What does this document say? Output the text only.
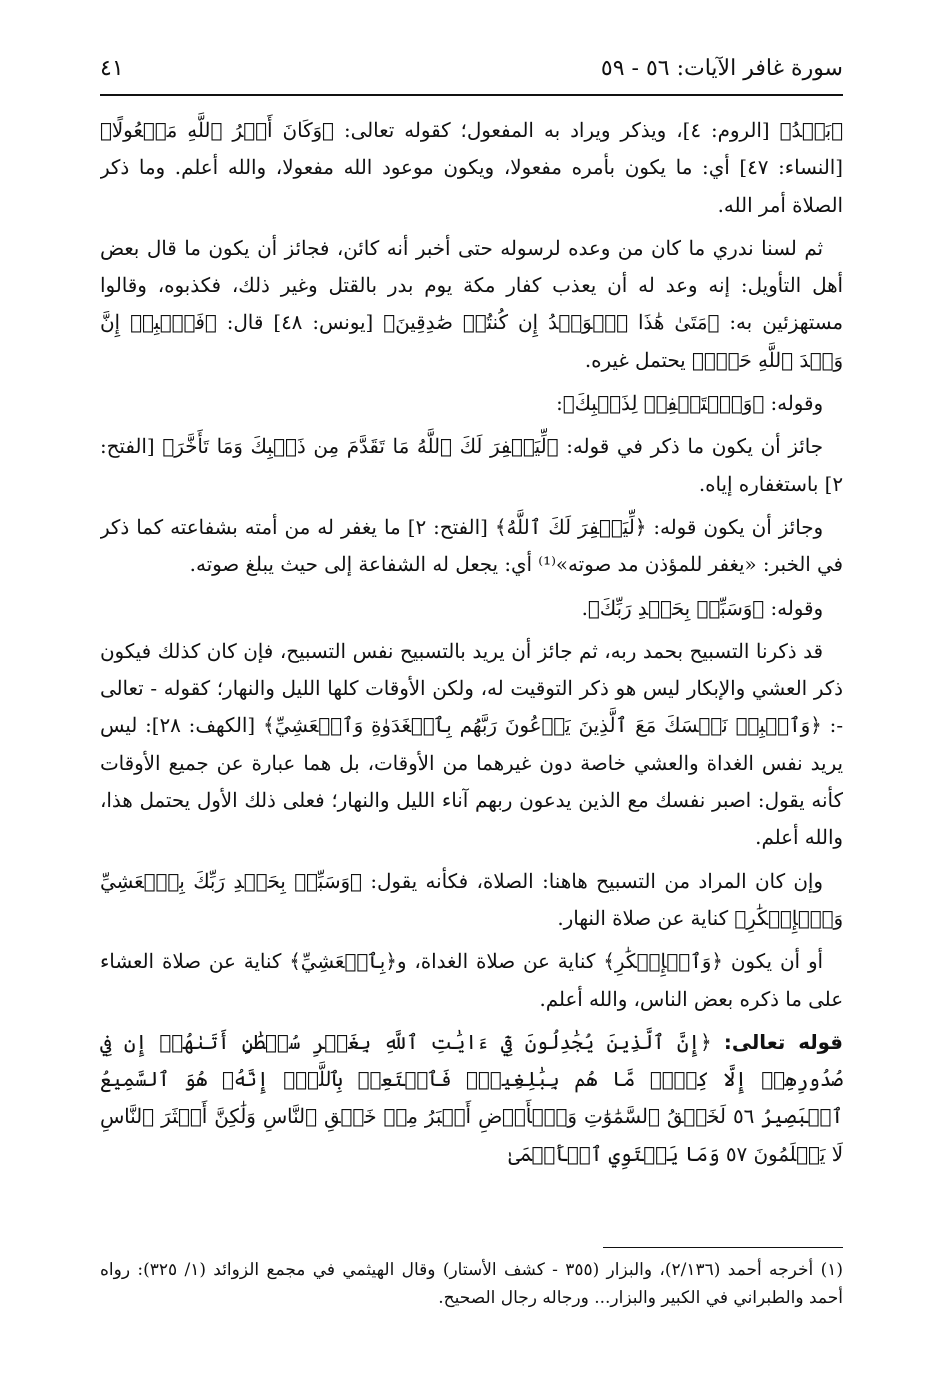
سورة غافر الآيات: ٥٦ - ٥٩
٤١

﴿بَعۡدُ﴾ [الروم: ٤]، ويذكر ويراد به المفعول؛ كقوله تعالى: ﴿وَكَانَ أَمۡرُ ٱللَّهِ مَفۡعُولًا﴾ [النساء: ٤٧] أي: ما يكون بأمره مفعولا، ويكون موعود الله مفعولا، والله أعلم. وما ذكر الصلاة أمر الله.

ثم لسنا ندري ما كان من وعده لرسوله حتى أخبر أنه كائن، فجائز أن يكون ما قال بعض أهل التأويل: إنه وعد له أن يعذب كفار مكة يوم بدر بالقتل وغير ذلك، فكذبوه، وقالوا مستهزئين به: ﴿مَتَىٰ هَٰذَا ٱلۡوَعۡدُ إِن كُنتُمۡ صَٰدِقِينَ﴾ [يونس: ٤٨] قال: ﴿فَٱصۡبِرۡ إِنَّ وَعۡدَ ٱللَّهِ حَقّٞ﴾ يحتمل غيره.

وقوله: ﴿وَٱسۡتَغۡفِرۡ لِذَنۢبِكَ﴾:

جائز أن يكون ما ذكر في قوله: ﴿لِّيَغۡفِرَ لَكَ ٱللَّهُ مَا تَقَدَّمَ مِن ذَنۢبِكَ وَمَا تَأَخَّرَ﴾ [الفتح: ٢] باستغفاره إياه.

وجائز أن يكون قوله: ﴿لِّيَغۡفِرَ لَكَ ٱللَّهُ﴾ [الفتح: ٢] ما يغفر له من أمته بشفاعته كما ذكر في الخبر: «يغفر للمؤذن مد صوته»⁽¹⁾ أي: يجعل له الشفاعة إلى حيث يبلغ صوته.

وقوله: ﴿وَسَبِّحۡ بِحَمۡدِ رَبِّكَ﴾.

قد ذكرنا التسبيح بحمد ربه، ثم جائز أن يريد بالتسبيح نفس التسبيح، فإن كان كذلك فيكون ذكر العشي والإبكار ليس هو ذكر التوقيت له، ولكن الأوقات كلها الليل والنهار؛ كقوله - تعالى -: ﴿وَٱصۡبِرۡ نَفۡسَكَ مَعَ ٱلَّذِينَ يَدۡعُونَ رَبَّهُم بِٱلۡغَدَوٰةِ وَٱلۡعَشِيِّ﴾ [الكهف: ٢٨]: ليس يريد نفس الغداة والعشي خاصة دون غيرهما من الأوقات، بل هما عبارة عن جميع الأوقات كأنه يقول: اصبر نفسك مع الذين يدعون ربهم آناء الليل والنهار؛ فعلى ذلك الأول يحتمل هذا، والله أعلم.

وإن كان المراد من التسبيح هاهنا: الصلاة، فكأنه يقول: ﴿وَسَبِّحۡ بِحَمۡدِ رَبِّكَ بِٱلۡعَشِيِّ وَٱلۡإِبۡكَٰرِ﴾ كناية عن صلاة النهار.

أو أن يكون ﴿وَٱلۡإِبۡكَٰرِ﴾ كناية عن صلاة الغداة، و﴿بِٱلۡعَشِيِّ﴾ كناية عن صلاة العشاء على ما ذكره بعض الناس، والله أعلم.

قوله تعالى: ﴿إِنَّ ٱلَّذِينَ يُجَٰدِلُونَ فِيٓ ءَايَٰتِ ٱللَّهِ بِغَيۡرِ سُلۡطَٰنٍ أَتَىٰهُمۡ إِن فِي صُدُورِهِمۡ إِلَّا كِبۡرٞ مَّا هُم بِبَٰلِغِيهِۚ فَٱسۡتَعِذۡ بِٱللَّهِۖ إِنَّهُۥ هُوَ ٱلسَّمِيعُ ٱلۡبَصِيرُ ٥٦ لَخَلۡقُ ٱلسَّمَٰوَٰتِ وَٱلۡأَرۡضِ أَكۡبَرُ مِنۡ خَلۡقِ ٱلنَّاسِ وَلَٰكِنَّ أَكۡثَرَ ٱلنَّاسِ لَا يَعۡلَمُونَ ٥٧ وَمَا يَسۡتَوِي ٱلۡأَعۡمَىٰ

(١) أخرجه أحمد (٢/١٣٦)، والبزار (٣٥٥ - كشف الأستار) وقال الهيثمي في مجمع الزوائد (١/ ٣٢٥): رواه أحمد والطبراني في الكبير والبزار... ورجاله رجال الصحيح.
